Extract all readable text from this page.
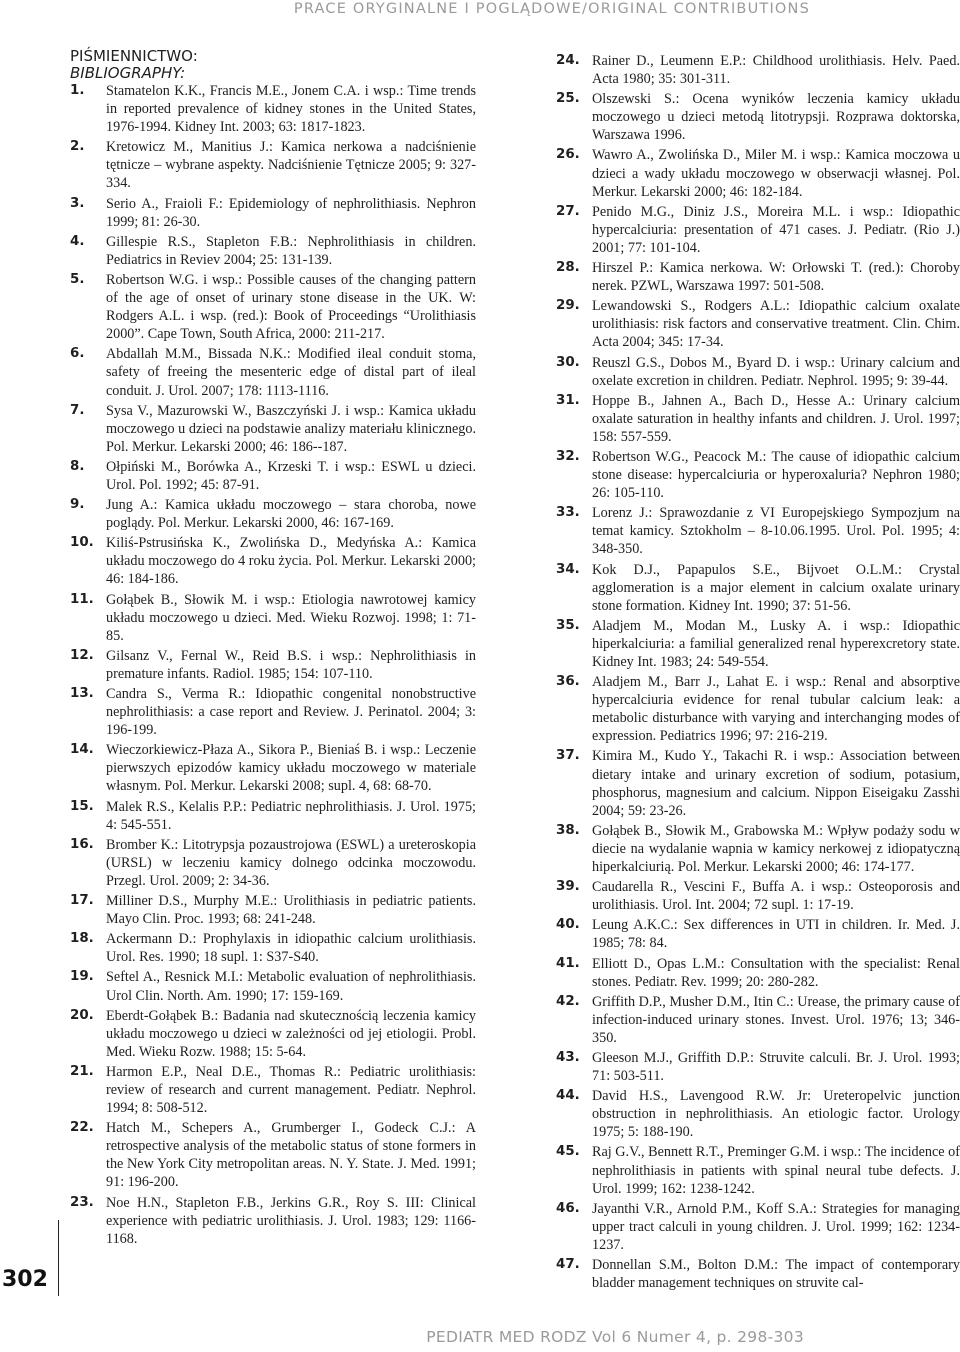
PRACE ORYGINALNE I POGLĄDOWE/ORIGINAL CONTRIBUTIONS
PIŚMIENNICTWO:
BIBLIOGRAPHY:
1.	Stamatelon K.K., Francis M.E., Jonem C.A. i wsp.: Time trends in reported prevalence of kidney stones in the United States, 1976-1994. Kidney Int. 2003; 63: 1817-1823.
2.	Kretowicz M., Manitius J.: Kamica nerkowa a nadciśnienie tętnicze – wybrane aspekty. Nadciśnienie Tętnicze 2005; 9: 327-334.
3.	Serio A., Fraioli F.: Epidemiology of nephrolithiasis. Nephron 1999; 81: 26-30.
4.	Gillespie R.S., Stapleton F.B.: Nephrolithiasis in children. Pediatrics in Reviev 2004; 25: 131-139.
5.	Robertson W.G. i wsp.: Possible causes of the changing pattern of the age of onset of urinary stone disease in the UK. W: Rodgers A.L. i wsp. (red.): Book of Proceedings “Urolithiasis 2000”. Cape Town, South Africa, 2000: 211-217.
6.	Abdallah M.M., Bissada N.K.: Modified ileal conduit stoma, safety of freeing the mesenteric edge of distal part of ileal conduit. J. Urol. 2007; 178: 1113-1116.
7.	Sysa V., Mazurowski W., Baszczyński J. i wsp.: Kamica układu moczowego u dzieci na podstawie analizy materiału klinicznego. Pol. Merkur. Lekarski 2000; 46: 186--187.
8.	Ołpiński M., Borówka A., Krzeski T. i wsp.: ESWL u dzieci. Urol. Pol. 1992; 45: 87-91.
9.	Jung A.: Kamica układu moczowego – stara choroba, nowe poglądy. Pol. Merkur. Lekarski 2000, 46: 167-169.
10. Kiliś-Pstrusińska K., Zwolińska D., Medyńska A.: Kamica układu moczowego do 4 roku życia. Pol. Merkur. Lekarski 2000; 46: 184-186.
11. Gołąbek B., Słowik M. i wsp.: Etiologia nawrotowej kamicy układu moczowego u dzieci. Med. Wieku Rozwoj. 1998; 1: 71-85.
12. Gilsanz V., Fernal W., Reid B.S. i wsp.: Nephrolithiasis in premature infants. Radiol. 1985; 154: 107-110.
13. Candra S., Verma R.: Idiopathic congenital nonobstructive nephrolithiasis: a case report and Review. J. Perinatol. 2004; 3: 196-199.
14. Wieczorkiewicz-Płaza A., Sikora P., Bieniaś B. i wsp.: Leczenie pierwszych epizodów kamicy układu moczowego w materiale własnym. Pol. Merkur. Lekarski 2008; supl. 4, 68: 68-70.
15. Malek R.S., Kelalis P.P.: Pediatric nephrolithiasis. J. Urol. 1975; 4: 545-551.
16. Bromber K.: Litotrypsja pozaustrojowa (ESWL) a ureteroskopia (URSL) w leczeniu kamicy dolnego odcinka moczowodu. Przegl. Urol. 2009; 2: 34-36.
17. Milliner D.S., Murphy M.E.: Urolithiasis in pediatric patients. Mayo Clin. Proc. 1993; 68: 241-248.
18. Ackermann D.: Prophylaxis in idiopathic calcium urolithiasis. Urol. Res. 1990; 18 supl. 1: S37-S40.
19. Seftel A., Resnick M.I.: Metabolic evaluation of nephrolithiasis. Urol Clin. North. Am. 1990; 17: 159-169.
20. Eberdt-Gołąbek B.: Badania nad skutecznością leczenia kamicy układu moczowego u dzieci w zależności od jej etiologii. Probl. Med. Wieku Rozw. 1988; 15: 5-64.
21. Harmon E.P., Neal D.E., Thomas R.: Pediatric urolithiasis: review of research and current management. Pediatr. Nephrol. 1994; 8: 508-512.
22. Hatch M., Schepers A., Grumberger I., Godeck C.J.: A retrospective analysis of the metabolic status of stone formers in the New York City metropolitan areas. N. Y. State. J. Med. 1991; 91: 196-200.
23. Noe H.N., Stapleton F.B., Jerkins G.R., Roy S. III: Clinical experience with pediatric urolithiasis. J. Urol. 1983; 129: 1166-1168.
24. Rainer D., Leumenn E.P.: Childhood urolithiasis. Helv. Paed. Acta 1980; 35: 301-311.
25. Olszewski S.: Ocena wyników leczenia kamicy układu moczowego u dzieci metodą litotrypsji. Rozprawa doktorska, Warszawa 1996.
26. Wawro A., Zwolińska D., Miler M. i wsp.: Kamica moczowa u dzieci a wady układu moczowego w obserwacji własnej. Pol. Merkur. Lekarski 2000; 46: 182-184.
27. Penido M.G., Diniz J.S., Moreira M.L. i wsp.: Idiopathic hypercalciuria: presentation of 471 cases. J. Pediatr. (Rio J.) 2001; 77: 101-104.
28. Hirszel P.: Kamica nerkowa. W: Orłowski T. (red.): Choroby nerek. PZWL, Warszawa 1997: 501-508.
29. Lewandowski S., Rodgers A.L.: Idiopathic calcium oxalate urolithiasis: risk factors and conservative treatment. Clin. Chim. Acta 2004; 345: 17-34.
30. Reuszl G.S., Dobos M., Byard D. i wsp.: Urinary calcium and oxelate excretion in children. Pediatr. Nephrol. 1995; 9: 39-44.
31. Hoppe B., Jahnen A., Bach D., Hesse A.: Urinary calcium oxalate saturation in healthy infants and children. J. Urol. 1997; 158: 557-559.
32. Robertson W.G., Peacock M.: The cause of idiopathic calcium stone disease: hypercalciuria or hyperoxaluria? Nephron 1980; 26: 105-110.
33. Lorenz J.: Sprawozdanie z VI Europejskiego Sympozjum na temat kamicy. Sztokholm – 8-10.06.1995. Urol. Pol. 1995; 4: 348-350.
34. Kok D.J., Papapulos S.E., Bijvoet O.L.M.: Crystal agglomeration is a major element in calcium oxalate urinary stone formation. Kidney Int. 1990; 37: 51-56.
35. Aladjem M., Modan M., Lusky A. i wsp.: Idiopathic hiperkalciuria: a familial generalized renal hyperexcretory state. Kidney Int. 1983; 24: 549-554.
36. Aladjem M., Barr J., Lahat E. i wsp.: Renal and absorptive hypercalciuria evidence for renal tubular calcium leak: a metabolic disturbance with varying and interchanging modes of expression. Pediatrics 1996; 97: 216-219.
37. Kimira M., Kudo Y., Takachi R. i wsp.: Association between dietary intake and urinary excretion of sodium, potasium, phosphorus, magnesium and calcium. Nippon Eiseigaku Zasshi 2004; 59: 23-26.
38. Gołąbek B., Słowik M., Grabowska M.: Wpływ podaży sodu w diecie na wydalanie wapnia w kamicy nerkowej z idiopatyczną hiperkalciurią. Pol. Merkur. Lekarski 2000; 46: 174-177.
39. Caudarella R., Vescini F., Buffa A. i wsp.: Osteoporosis and urolithiasis. Urol. Int. 2004; 72 supl. 1: 17-19.
40. Leung A.K.C.: Sex differences in UTI in children. Ir. Med. J. 1985; 78: 84.
41. Elliott D., Opas L.M.: Consultation with the specialist: Renal stones. Pediatr. Rev. 1999; 20: 280-282.
42. Griffith D.P., Musher D.M., Itin C.: Urease, the primary cause of infection-induced urinary stones. Invest. Urol. 1976; 13; 346-350.
43. Gleeson M.J., Griffith D.P.: Struvite calculi. Br. J. Urol. 1993; 71: 503-511.
44. David H.S., Lavengood R.W. Jr: Ureteropelvic junction obstruction in nephrolithiasis. An etiologic factor. Urology 1975; 5: 188-190.
45. Raj G.V., Bennett R.T., Preminger G.M. i wsp.: The incidence of nephrolithiasis in patients with spinal neural tube defects. J. Urol. 1999; 162: 1238-1242.
46. Jayanthi V.R., Arnold P.M., Koff S.A.: Strategies for managing upper tract calculi in young children. J. Urol. 1999; 162: 1234-1237.
47. Donnellan S.M., Bolton D.M.: The impact of contemporary bladder management techniques on struvite cal-
302
PEDIATR MED RODZ Vol 6 Numer 4, p. 298-303
